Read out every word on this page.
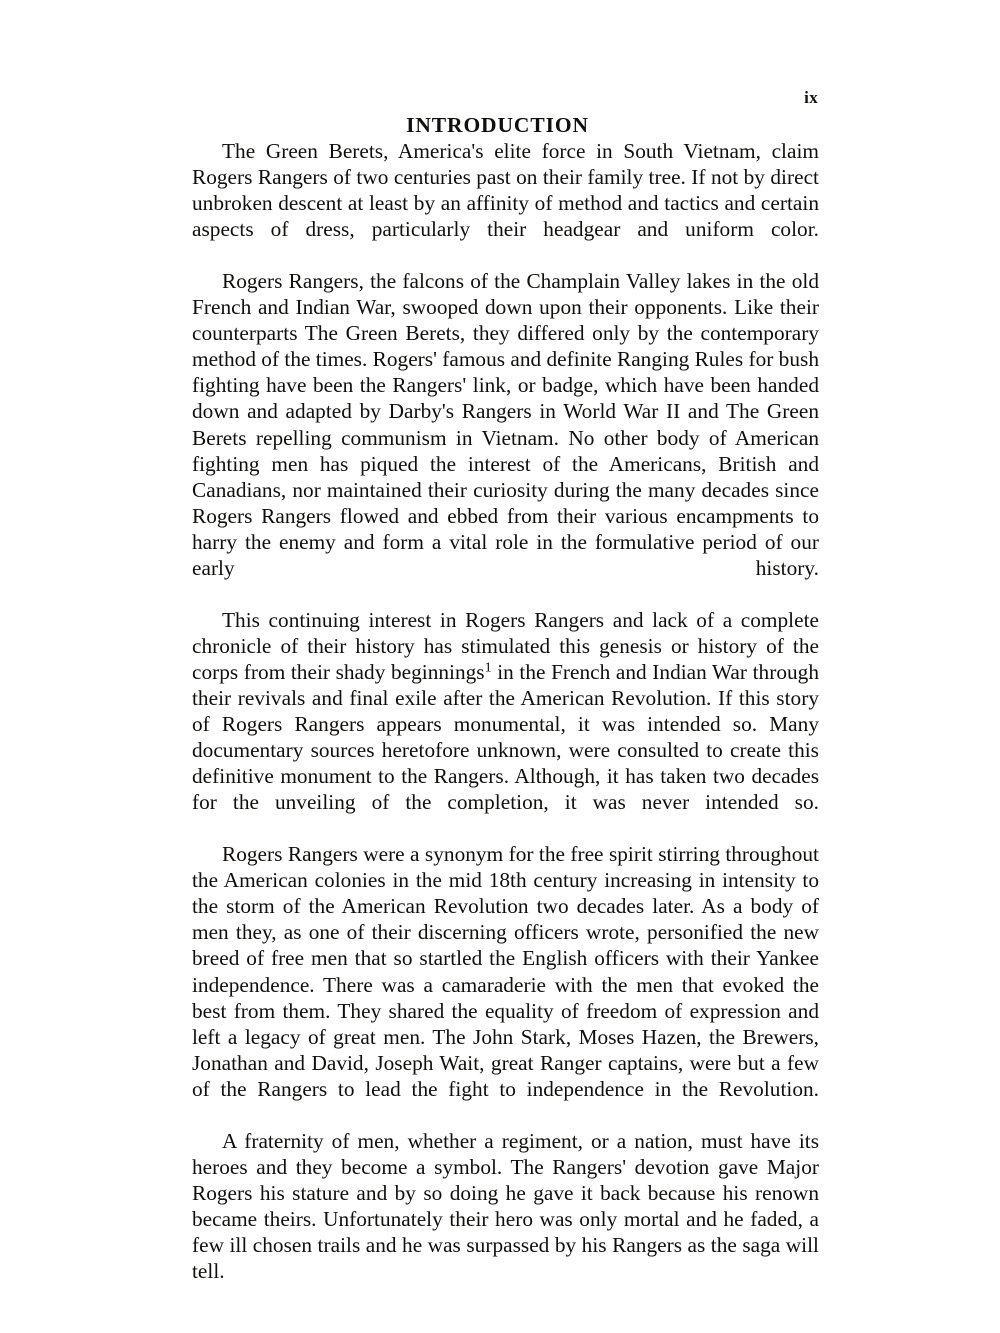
ix
INTRODUCTION

The Green Berets, America's elite force in South Vietnam, claim Rogers Rangers of two centuries past on their family tree. If not by direct unbroken descent at least by an affinity of method and tactics and certain aspects of dress, particularly their headgear and uniform color.

Rogers Rangers, the falcons of the Champlain Valley lakes in the old French and Indian War, swooped down upon their opponents. Like their counterparts The Green Berets, they differed only by the contemporary method of the times. Rogers' famous and definite Ranging Rules for bush fighting have been the Rangers' link, or badge, which have been handed down and adapted by Darby's Rangers in World War II and The Green Berets repelling communism in Vietnam. No other body of American fighting men has piqued the interest of the Americans, British and Canadians, nor maintained their curiosity during the many decades since Rogers Rangers flowed and ebbed from their various encampments to harry the enemy and form a vital role in the formulative period of our early history.

This continuing interest in Rogers Rangers and lack of a complete chronicle of their history has stimulated this genesis or history of the corps from their shady beginnings$^1$ in the French and Indian War through their revivals and final exile after the American Revolution. If this story of Rogers Rangers appears monumental, it was intended so. Many documentary sources heretofore unknown, were consulted to create this definitive monument to the Rangers. Although, it has taken two decades for the unveiling of the completion, it was never intended so.

Rogers Rangers were a synonym for the free spirit stirring throughout the American colonies in the mid 18th century increasing in intensity to the storm of the American Revolution two decades later. As a body of men they, as one of their discerning officers wrote, personified the new breed of free men that so startled the English officers with their Yankee independence. There was a camaraderie with the men that evoked the best from them. They shared the equality of freedom of expression and left a legacy of great men. The John Stark, Moses Hazen, the Brewers, Jonathan and David, Joseph Wait, great Ranger captains, were but a few of the Rangers to lead the fight to independence in the Revolution.

A fraternity of men, whether a regiment, or a nation, must have its heroes and they become a symbol. The Rangers' devotion gave Major Rogers his stature and by so doing he gave it back because his renown became theirs. Unfortunately their hero was only mortal and he faded, a few ill chosen trails and he was surpassed by his Rangers as the saga will tell.
